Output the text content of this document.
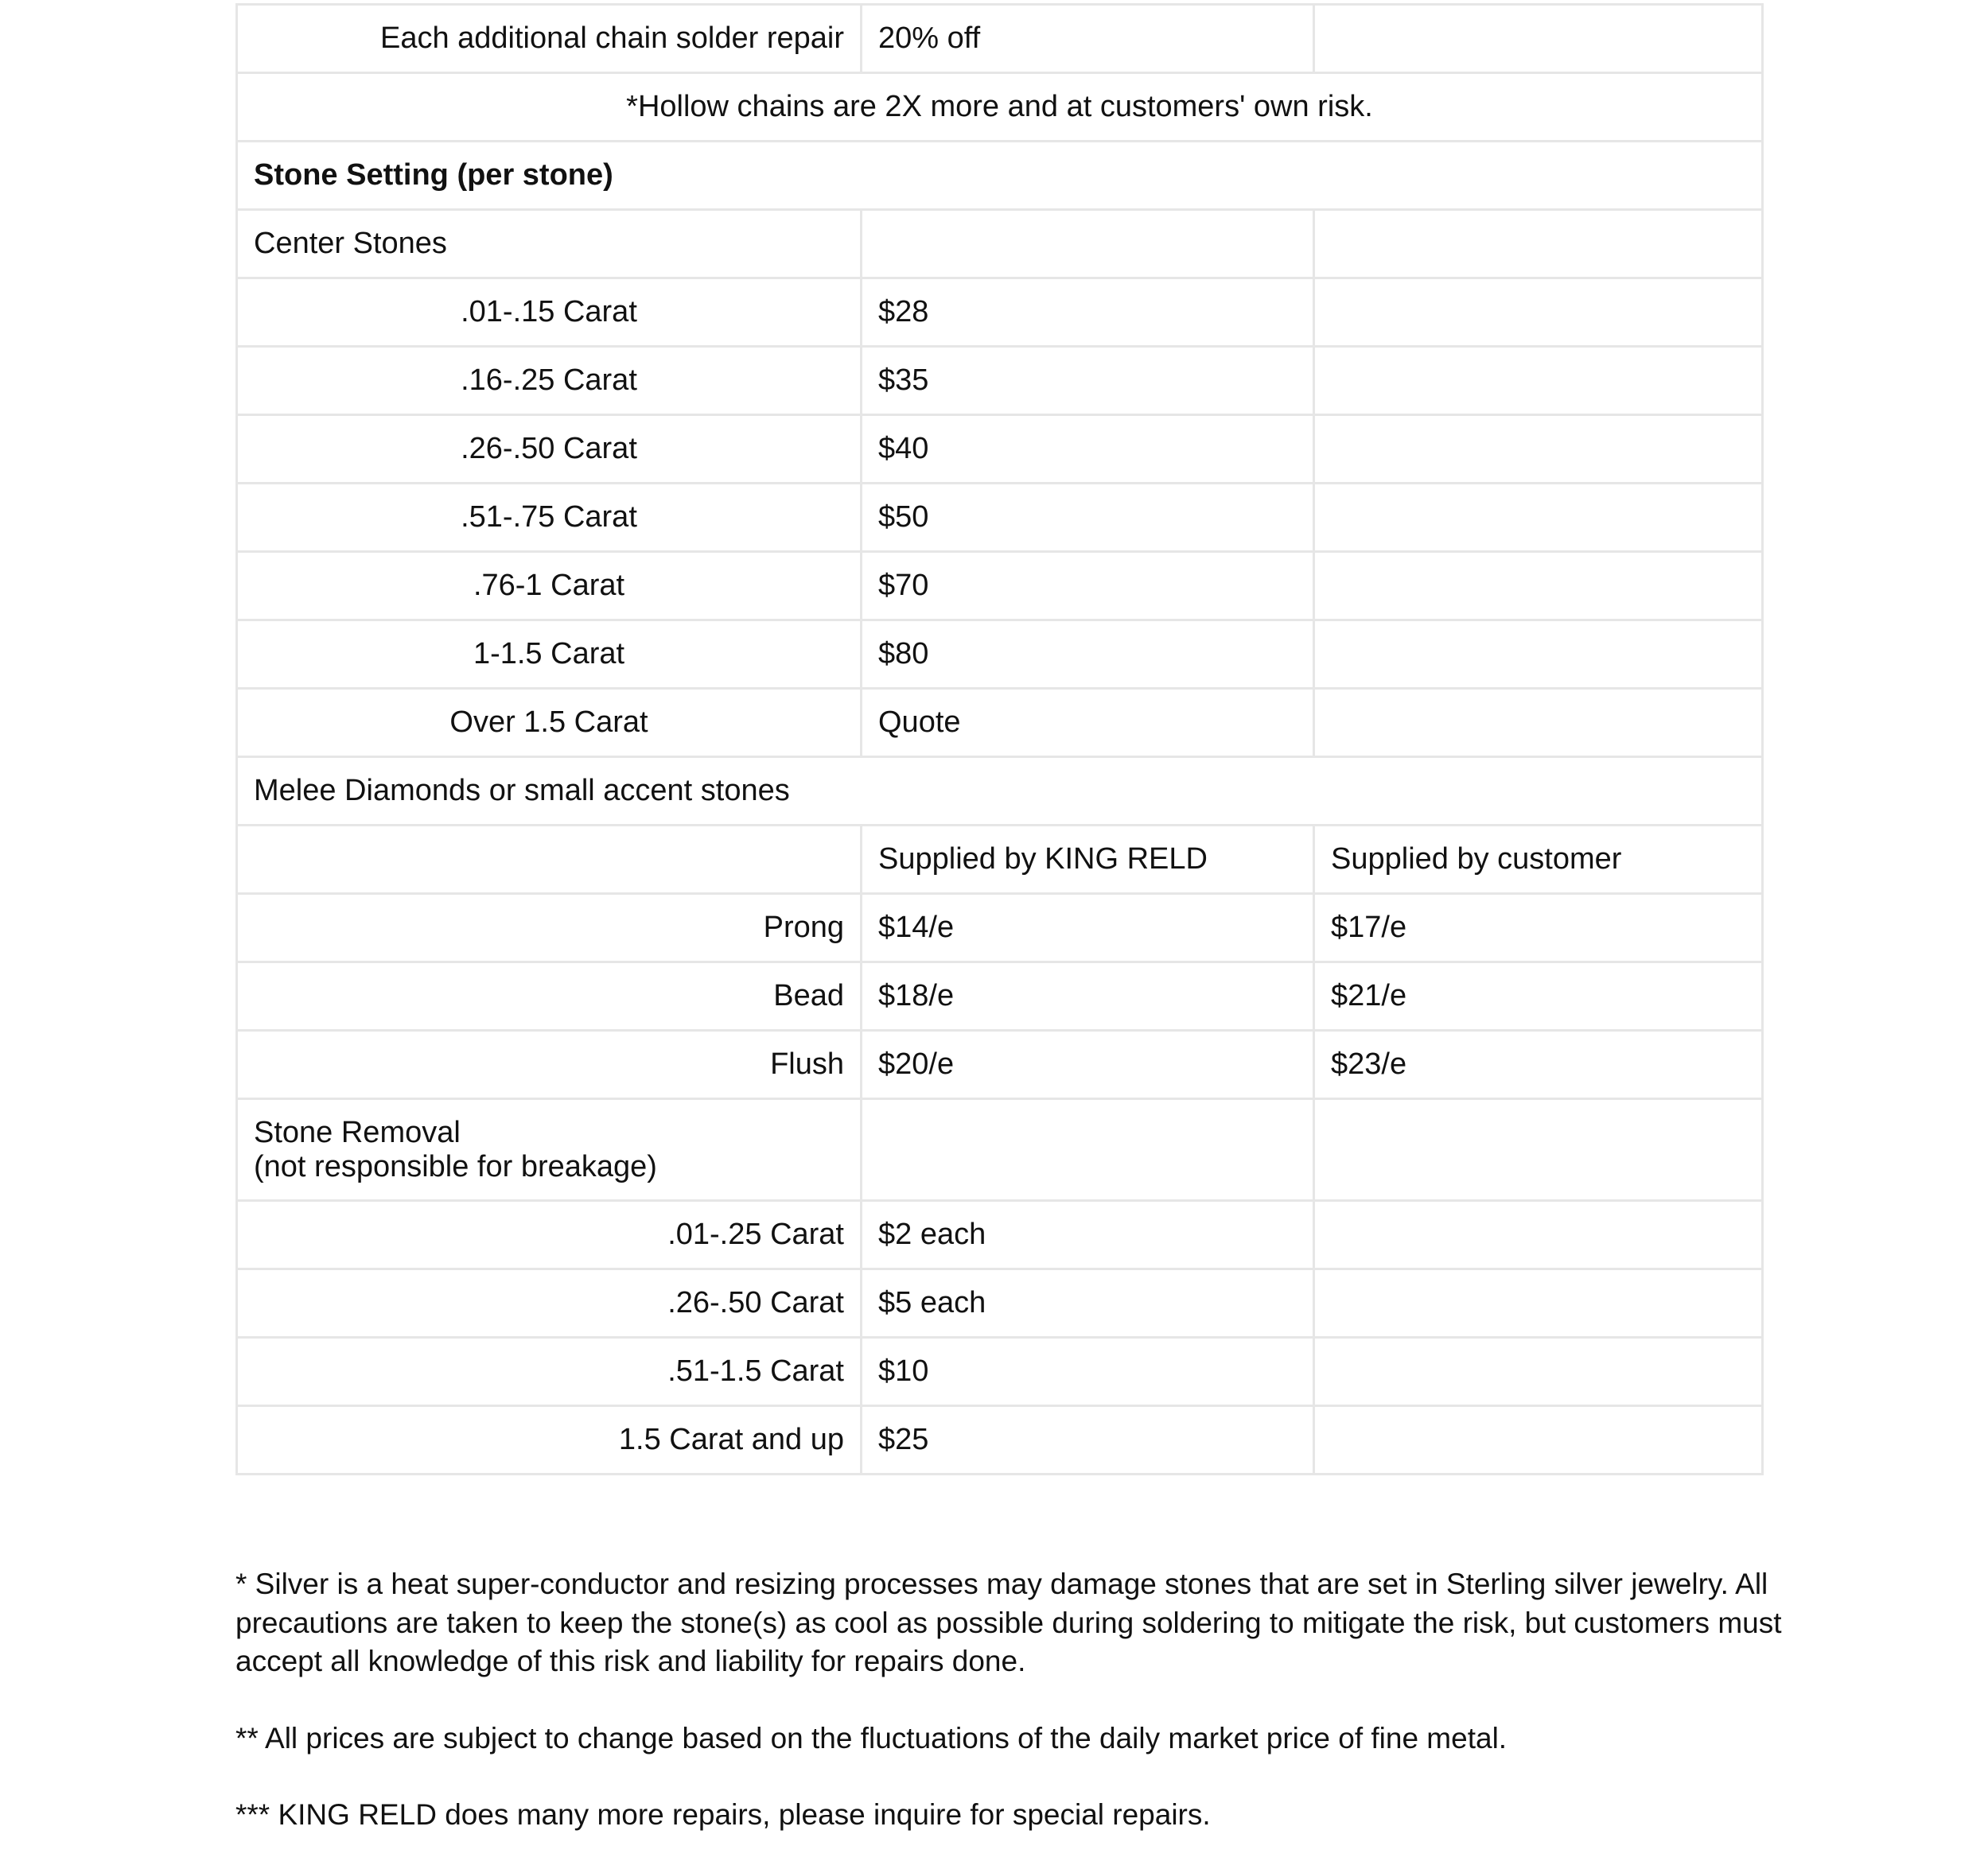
Each additional chain solder repair	20% off	
*Hollow chains are 2X more and at customers' own risk.		
Stone Setting (per stone)		
Center Stones		
.01-.15 Carat	$28	
.16-.25 Carat	$35	
.26-.50 Carat	$40	
.51-.75 Carat	$50	
.76-1 Carat	$70	
1-1.5 Carat	$80	
Over 1.5 Carat	Quote	
Melee Diamonds or small accent stones		
	Supplied by KING RELD	Supplied by customer
Prong	$14/e	$17/e
Bead	$18/e	$21/e
Flush	$20/e	$23/e

Stone Removal
(not responsible for breakage)		

.01-.25 Carat	$2 each	
.26-.50 Carat	$5 each	
.51-1.5 Carat	$10	
1.5 Carat and up	$25	

* Silver is a heat super-conductor and resizing processes may damage stones that are set in Sterling silver jewelry. All precautions are taken to keep the stone(s) as cool as possible during soldering to mitigate the risk, but customers must accept all knowledge of this risk and liability for repairs done.

** All prices are subject to change based on the fluctuations of the daily market price of fine metal.

*** KING RELD does many more repairs, please inquire for special repairs.
